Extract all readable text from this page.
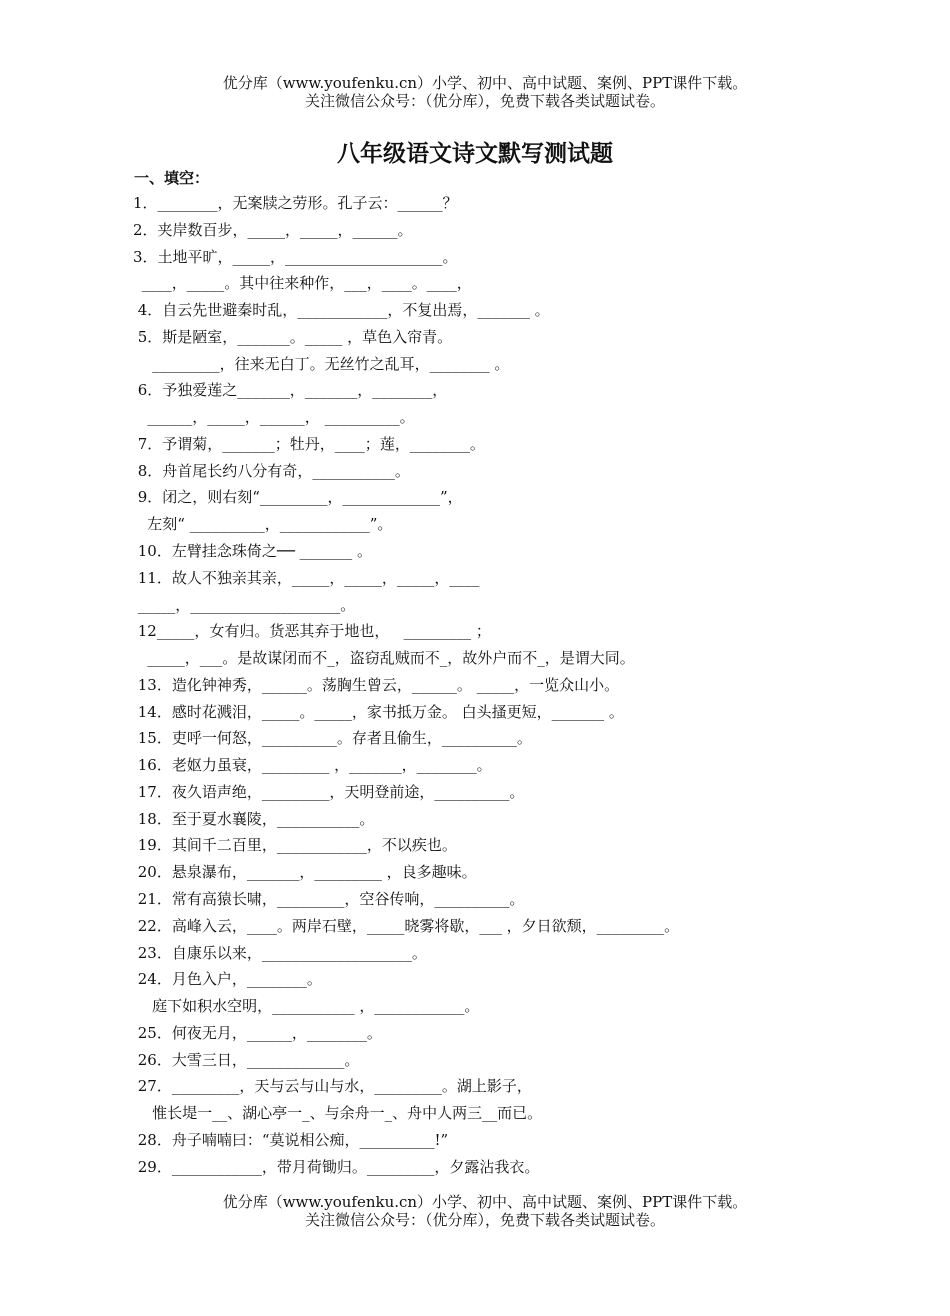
优分库（www.youfenku.cn）小学、初中、高中试题、案例、PPT课件下载。
关注微信公众号：（优分库），免费下载各类试题试卷。
八年级语文诗文默写测试题
一、填空：
1．________，无案牍之劳形。孔子云：______？
2．夹岸数百步，_____，_____，______。
3．土地平旷，_____，_____________________。
____，_____。其中往来种作，___，____。____，
4．自云先世避秦时乱，____________，不复出焉，_______ 。
5．斯是陋室，_______。_____ ，草色入帘青。
_________，往来无白丁。无丝竹之乱耳，________ 。
6．予独爱莲之_______，_______，________，
______，_____，______， __________。
7．予谓菊，_______；牡丹，____；莲，________。
8．舟首尾长约八分有奇，___________。
9．闭之，则右刻“_________，_____________”，
左刻“ __________，____________”。
10．左臂挂念珠倚之── _______ 。
11．故人不独亲其亲，_____，_____，_____，____
_____，____________________。
12_____，女有归。货恶其弃于地也，   _________ ；
_____，___。是故谋闭而不_，盗窃乱贼而不_，故外户而不_，是谓大同。
13．造化钟神秀，______。荡胸生曾云，______。 _____，一览众山小。
14．感时花溅泪，_____。_____，家书抵万金。 白头搔更短，_______ 。
15．吏呼一何怒，__________。存者且偷生，__________。
16．老妪力虽衰，_________ ，_______，________。
17．夜久语声绝，_________，天明登前途，__________。
18．至于夏水襄陵，___________。
19．其间千二百里，____________，不以疾也。
20．悬泉瀑布，_______，_________ ，良多趣味。
21．常有高猿长啸，_________，空谷传响，__________。
22．高峰入云，____。两岸石壁，_____晓雾将歇，___ ，夕日欲颓，_________。
23．自康乐以来，____________________。
24．月色入户，________。
庭下如积水空明，___________ ，____________。
25．何夜无月，______，________。
26．大雪三日，_____________。
27．_________，天与云与山与水，_________。湖上影子，
惟长堤一__、湖心亭一_、与余舟一_、舟中人两三__而已。
28．舟子喃喃曰：“莫说相公痴，__________!”
29．____________，带月荷锄归。_________，夕露沾我衣。
优分库（www.youfenku.cn）小学、初中、高中试题、案例、PPT课件下载。
关注微信公众号：（优分库），免费下载各类试题试卷。
